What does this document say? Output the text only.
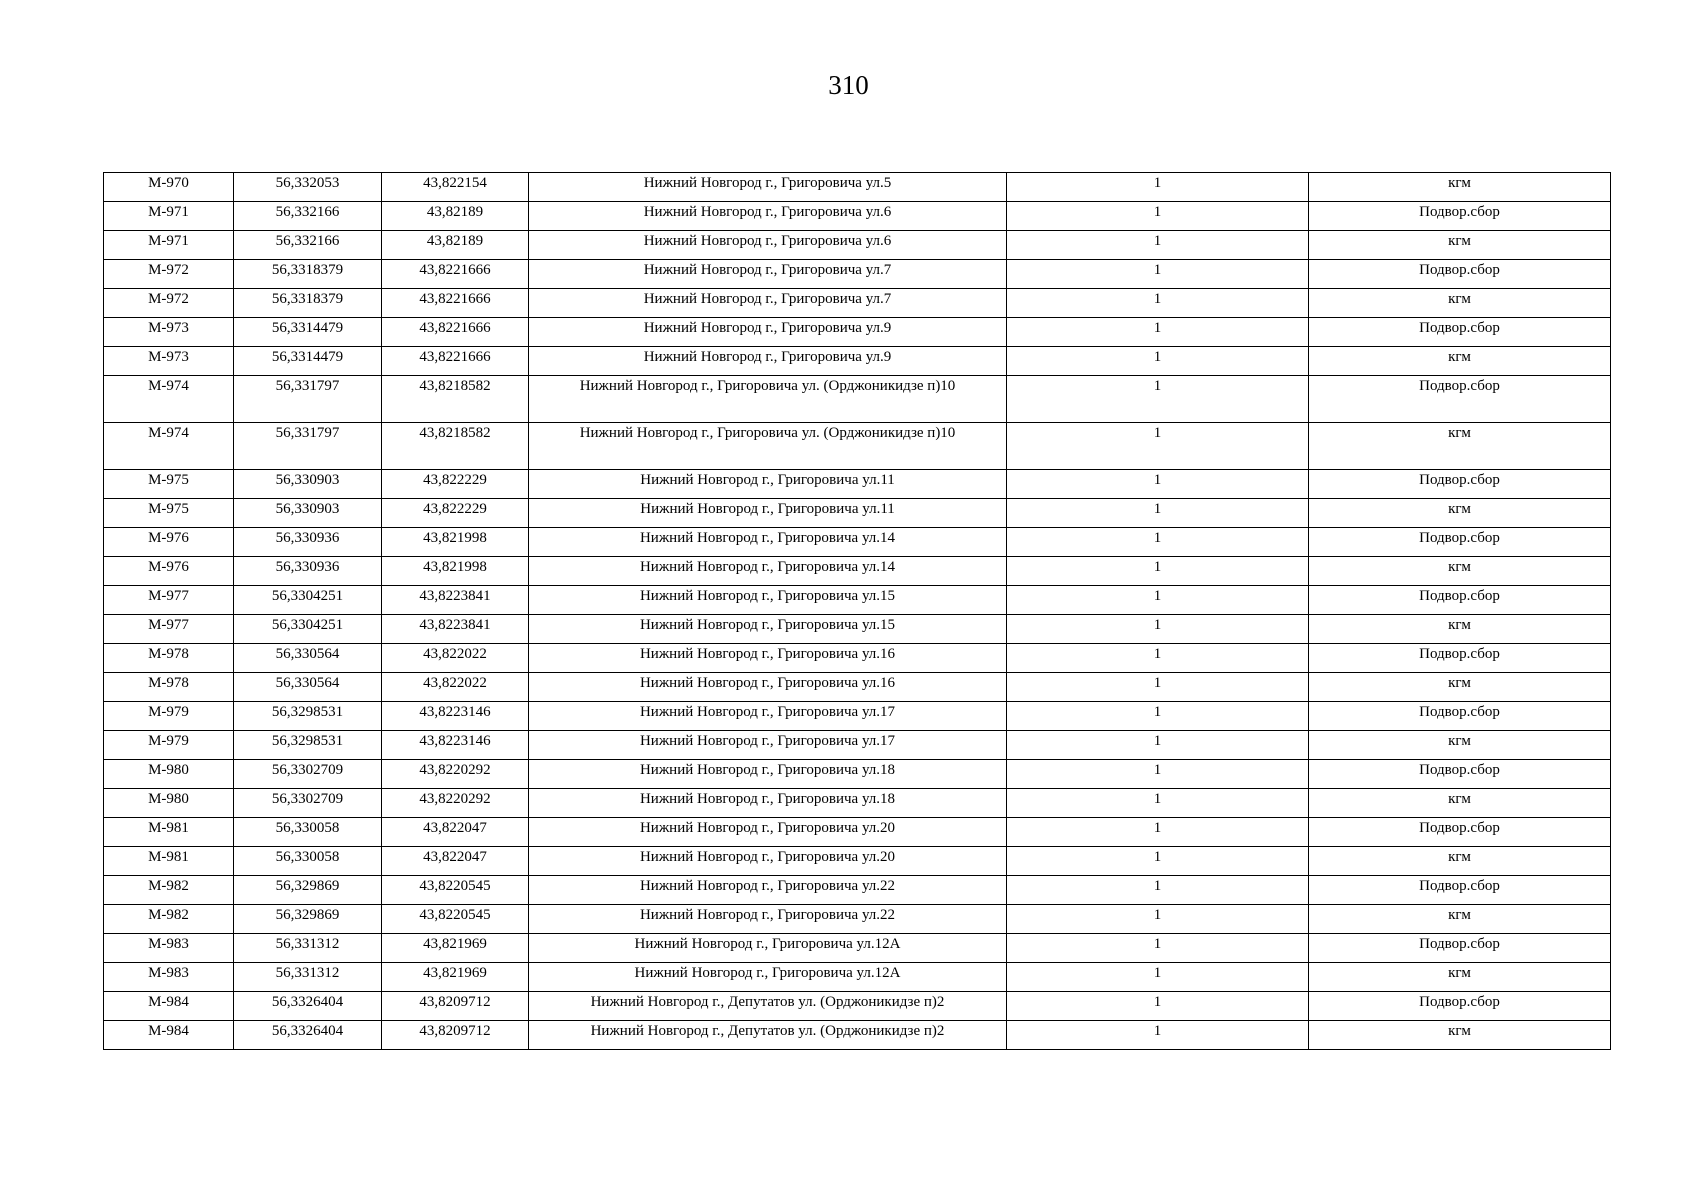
310
М-970	56,332053	43,822154	Нижний Новгород г., Григоровича ул.5	1	кгм
М-971	56,332166	43,82189	Нижний Новгород г., Григоровича ул.6	1	Подвор.сбор
М-971	56,332166	43,82189	Нижний Новгород г., Григоровича ул.6	1	кгм
М-972	56,3318379	43,8221666	Нижний Новгород г., Григоровича ул.7	1	Подвор.сбор
М-972	56,3318379	43,8221666	Нижний Новгород г., Григоровича ул.7	1	кгм
М-973	56,3314479	43,8221666	Нижний Новгород г., Григоровича ул.9	1	Подвор.сбор
М-973	56,3314479	43,8221666	Нижний Новгород г., Григоровича ул.9	1	кгм
М-974	56,331797	43,8218582	Нижний Новгород г., Григоровича ул. (Орджоникидзе п)10	1	Подвор.сбор
М-974	56,331797	43,8218582	Нижний Новгород г., Григоровича ул. (Орджоникидзе п)10	1	кгм
М-975	56,330903	43,822229	Нижний Новгород г., Григоровича ул.11	1	Подвор.сбор
М-975	56,330903	43,822229	Нижний Новгород г., Григоровича ул.11	1	кгм
М-976	56,330936	43,821998	Нижний Новгород г., Григоровича ул.14	1	Подвор.сбор
М-976	56,330936	43,821998	Нижний Новгород г., Григоровича ул.14	1	кгм
М-977	56,3304251	43,8223841	Нижний Новгород г., Григоровича ул.15	1	Подвор.сбор
М-977	56,3304251	43,8223841	Нижний Новгород г., Григоровича ул.15	1	кгм
М-978	56,330564	43,822022	Нижний Новгород г., Григоровича ул.16	1	Подвор.сбор
М-978	56,330564	43,822022	Нижний Новгород г., Григоровича ул.16	1	кгм
М-979	56,3298531	43,8223146	Нижний Новгород г., Григоровича ул.17	1	Подвор.сбор
М-979	56,3298531	43,8223146	Нижний Новгород г., Григоровича ул.17	1	кгм
М-980	56,3302709	43,8220292	Нижний Новгород г., Григоровича ул.18	1	Подвор.сбор
М-980	56,3302709	43,8220292	Нижний Новгород г., Григоровича ул.18	1	кгм
М-981	56,330058	43,822047	Нижний Новгород г., Григоровича ул.20	1	Подвор.сбор
М-981	56,330058	43,822047	Нижний Новгород г., Григоровича ул.20	1	кгм
М-982	56,329869	43,8220545	Нижний Новгород г., Григоровича ул.22	1	Подвор.сбор
М-982	56,329869	43,8220545	Нижний Новгород г., Григоровича ул.22	1	кгм
М-983	56,331312	43,821969	Нижний Новгород г., Григоровича ул.12А	1	Подвор.сбор
М-983	56,331312	43,821969	Нижний Новгород г., Григоровича ул.12А	1	кгм
М-984	56,3326404	43,8209712	Нижний Новгород г., Депутатов ул. (Орджоникидзе п)2	1	Подвор.сбор
М-984	56,3326404	43,8209712	Нижний Новгород г., Депутатов ул. (Орджоникидзе п)2	1	кгм
